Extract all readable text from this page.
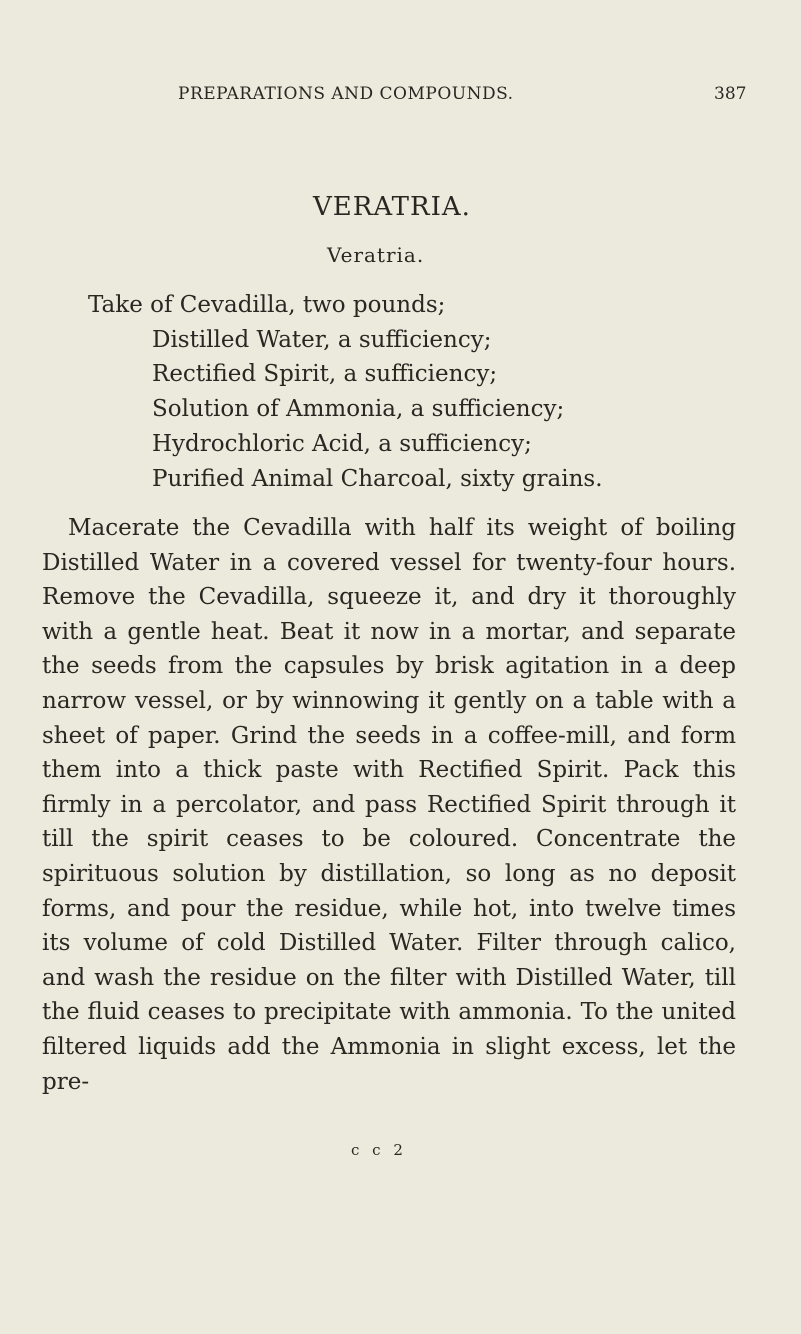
PREPARATIONS AND COMPOUNDS.	387
VERATRIA.
Veratria.
Take of Cevadilla, two pounds;
Distilled Water, a sufficiency;
Rectified Spirit, a sufficiency;
Solution of Ammonia, a sufficiency;
Hydrochloric Acid, a sufficiency;
Purified Animal Charcoal, sixty grains.

Macerate the Cevadilla with half its weight of boiling Distilled Water in a covered vessel for twenty-four hours. Remove the Cevadilla, squeeze it, and dry it thoroughly with a gentle heat. Beat it now in a mortar, and separate the seeds from the capsules by brisk agitation in a deep narrow vessel, or by winnowing it gently on a table with a sheet of paper. Grind the seeds in a coffee-mill, and form them into a thick paste with Rectified Spirit. Pack this firmly in a percolator, and pass Rectified Spirit through it till the spirit ceases to be coloured. Concentrate the spirituous solution by distillation, so long as no deposit forms, and pour the residue, while hot, into twelve times its volume of cold Distilled Water. Filter through calico, and wash the residue on the filter with Distilled Water, till the fluid ceases to precipitate with ammonia. To the united filtered liquids add the Ammonia in slight excess, let the pre-

c c 2
